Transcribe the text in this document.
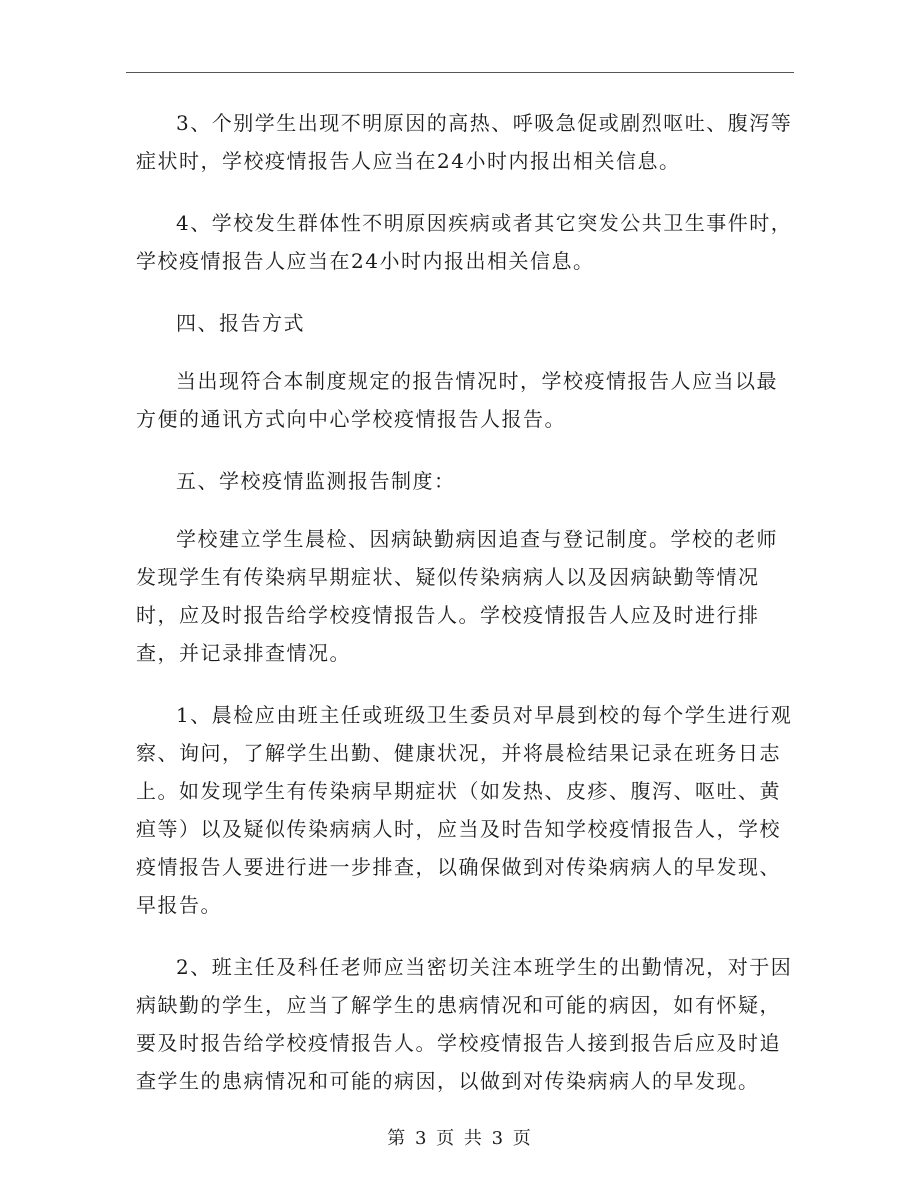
3、个别学生出现不明原因的高热、呼吸急促或剧烈呕吐、腹泻等症状时，学校疫情报告人应当在24小时内报出相关信息。

4、学校发生群体性不明原因疾病或者其它突发公共卫生事件时，学校疫情报告人应当在24小时内报出相关信息。

四、报告方式

当出现符合本制度规定的报告情况时，学校疫情报告人应当以最方便的通讯方式向中心学校疫情报告人报告。

五、学校疫情监测报告制度：

学校建立学生晨检、因病缺勤病因追查与登记制度。学校的老师发现学生有传染病早期症状、疑似传染病病人以及因病缺勤等情况时，应及时报告给学校疫情报告人。学校疫情报告人应及时进行排查，并记录排查情况。

1、晨检应由班主任或班级卫生委员对早晨到校的每个学生进行观察、询问，了解学生出勤、健康状况，并将晨检结果记录在班务日志上。如发现学生有传染病早期症状（如发热、皮疹、腹泻、呕吐、黄疸等）以及疑似传染病病人时，应当及时告知学校疫情报告人，学校疫情报告人要进行进一步排查，以确保做到对传染病病人的早发现、早报告。

2、班主任及科任老师应当密切关注本班学生的出勤情况，对于因病缺勤的学生，应当了解学生的患病情况和可能的病因，如有怀疑，要及时报告给学校疫情报告人。学校疫情报告人接到报告后应及时追查学生的患病情况和可能的病因，以做到对传染病病人的早发现。

第 3 页 共 3 页
